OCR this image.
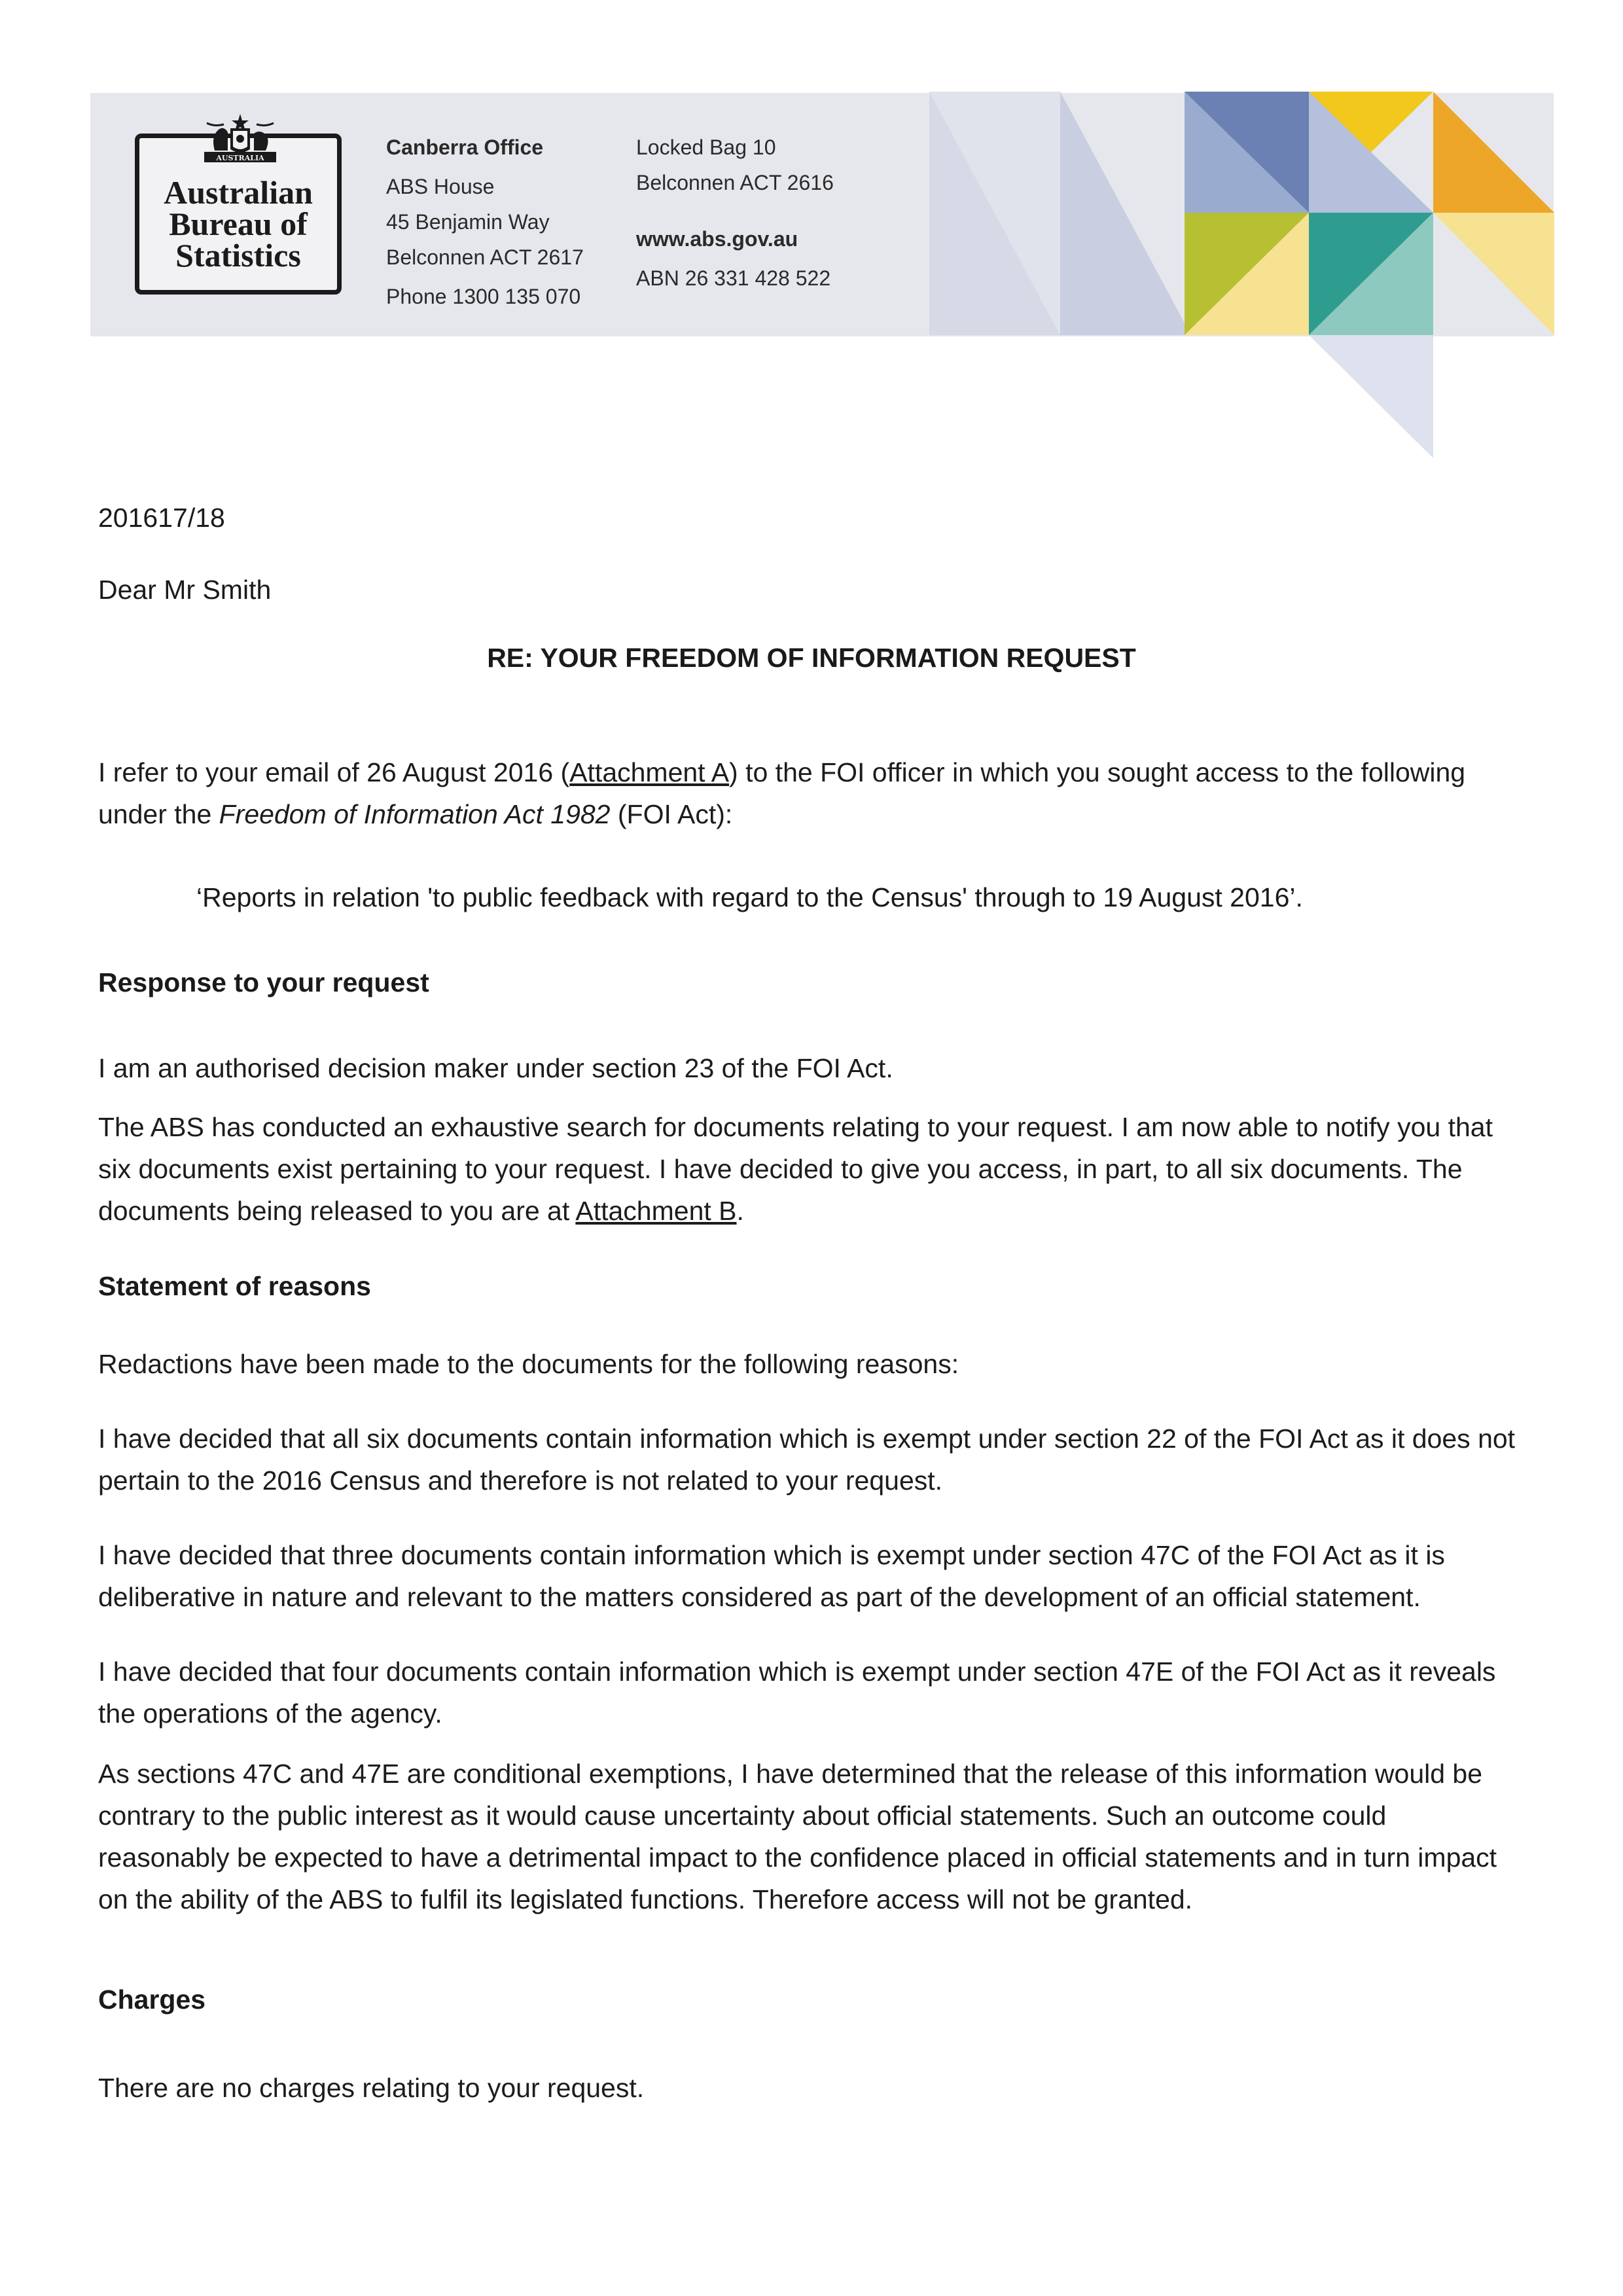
AUSTRALIA
Australian
Bureau of
Statistics
Canberra Office
ABS House
45 Benjamin Way
Belconnen ACT 2617
Phone 1300 135 070
Locked Bag 10
Belconnen ACT 2616
www.abs.gov.au
ABN 26 331 428 522
201617/18
Dear Mr Smith
RE: YOUR FREEDOM OF INFORMATION REQUEST
I refer to your email of 26 August 2016 (Attachment A) to the FOI officer in which you sought access to the following under the Freedom of Information Act 1982 (FOI Act):
‘Reports in relation 'to public feedback with regard to the Census' through to 19 August 2016’.
Response to your request
I am an authorised decision maker under section 23 of the FOI Act.
The ABS has conducted an exhaustive search for documents relating to your request. I am now able to notify you that six documents exist pertaining to your request. I have decided to give you access, in part, to all six documents. The documents being released to you are at Attachment B.
Statement of reasons
Redactions have been made to the documents for the following reasons:
I have decided that all six documents contain information which is exempt under section 22 of the FOI Act as it does not pertain to the 2016 Census and therefore is not related to your request.
I have decided that three documents contain information which is exempt under section 47C of the FOI Act as it is deliberative in nature and relevant to the matters considered as part of the development of an official statement.
I have decided that four documents contain information which is exempt under section 47E of the FOI Act as it reveals the operations of the agency.
As sections 47C and 47E are conditional exemptions, I have determined that the release of this information would be contrary to the public interest as it would cause uncertainty about official statements. Such an outcome could reasonably be expected to have a detrimental impact to the confidence placed in official statements and in turn impact on the ability of the ABS to fulfil its legislated functions. Therefore access will not be granted.
Charges
There are no charges relating to your request.
